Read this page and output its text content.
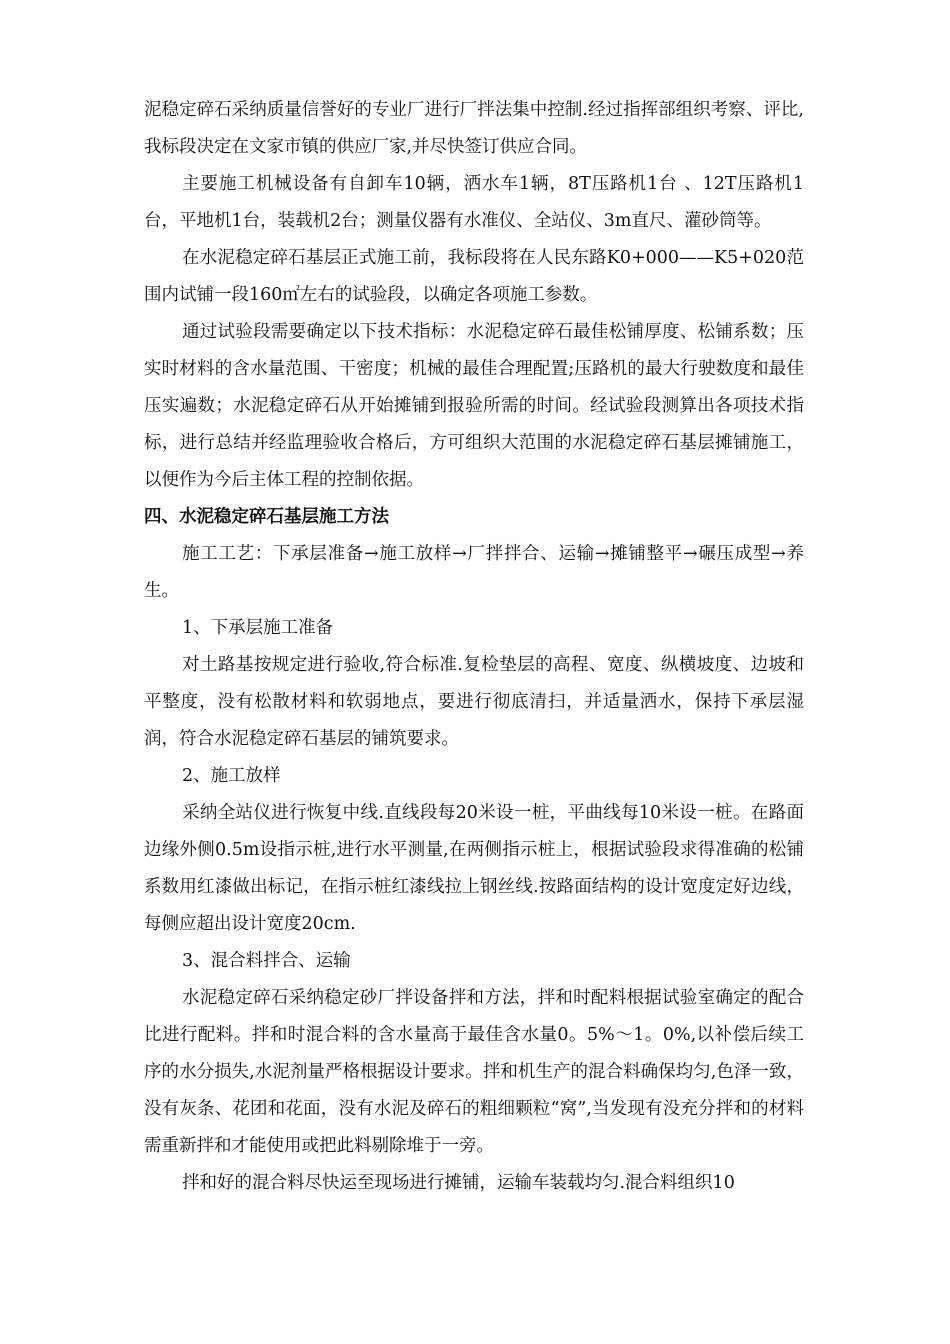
泥稳定碎石采纳质量信誉好的专业厂进行厂拌法集中控制.经过指挥部组织考察、评比,我标段决定在文家市镇的供应厂家,并尽快签订供应合同。

主要施工机械设备有自卸车10辆，洒水车1辆，8T压路机1台 、12T压路机1台，平地机1台，装载机2台；测量仪器有水准仪、全站仪、3m直尺、灌砂筒等。

在水泥稳定碎石基层正式施工前，我标段将在人民东路K0+000——K5+020范围内试铺一段160㎡左右的试验段，以确定各项施工参数。

通过试验段需要确定以下技术指标：水泥稳定碎石最佳松铺厚度、松铺系数；压实时材料的含水量范围、干密度；机械的最佳合理配置;压路机的最大行驶数度和最佳压实遍数；水泥稳定碎石从开始摊铺到报验所需的时间。经试验段测算出各项技术指标，进行总结并经监理验收合格后，方可组织大范围的水泥稳定碎石基层摊铺施工，以便作为今后主体工程的控制依据。

四、水泥稳定碎石基层施工方法

施工工艺：下承层准备→施工放样→厂拌拌合、运输→摊铺整平→碾压成型→养生。

1、下承层施工准备

对土路基按规定进行验收,符合标准.复检垫层的高程、宽度、纵横坡度、边坡和平整度，没有松散材料和软弱地点，要进行彻底清扫，并适量洒水，保持下承层湿润，符合水泥稳定碎石基层的铺筑要求。

2、施工放样

采纳全站仪进行恢复中线.直线段每20米设一桩，平曲线每10米设一桩。在路面边缘外侧0.5m设指示桩,进行水平测量,在两侧指示桩上，根据试验段求得准确的松铺系数用红漆做出标记，在指示桩红漆线拉上钢丝线.按路面结构的设计宽度定好边线，每侧应超出设计宽度20cm.

3、混合料拌合、运输

水泥稳定碎石采纳稳定砂厂拌设备拌和方法，拌和时配料根据试验室确定的配合比进行配料。拌和时混合料的含水量高于最佳含水量0。5%～1。0%,以补偿后续工序的水分损失,水泥剂量严格根据设计要求。拌和机生产的混合料确保均匀,色泽一致，没有灰条、花团和花面，没有水泥及碎石的粗细颗粒“窝”,当发现有没充分拌和的材料需重新拌和才能使用或把此料剔除堆于一旁。

拌和好的混合料尽快运至现场进行摊铺，运输车装载均匀.混合料组织10
